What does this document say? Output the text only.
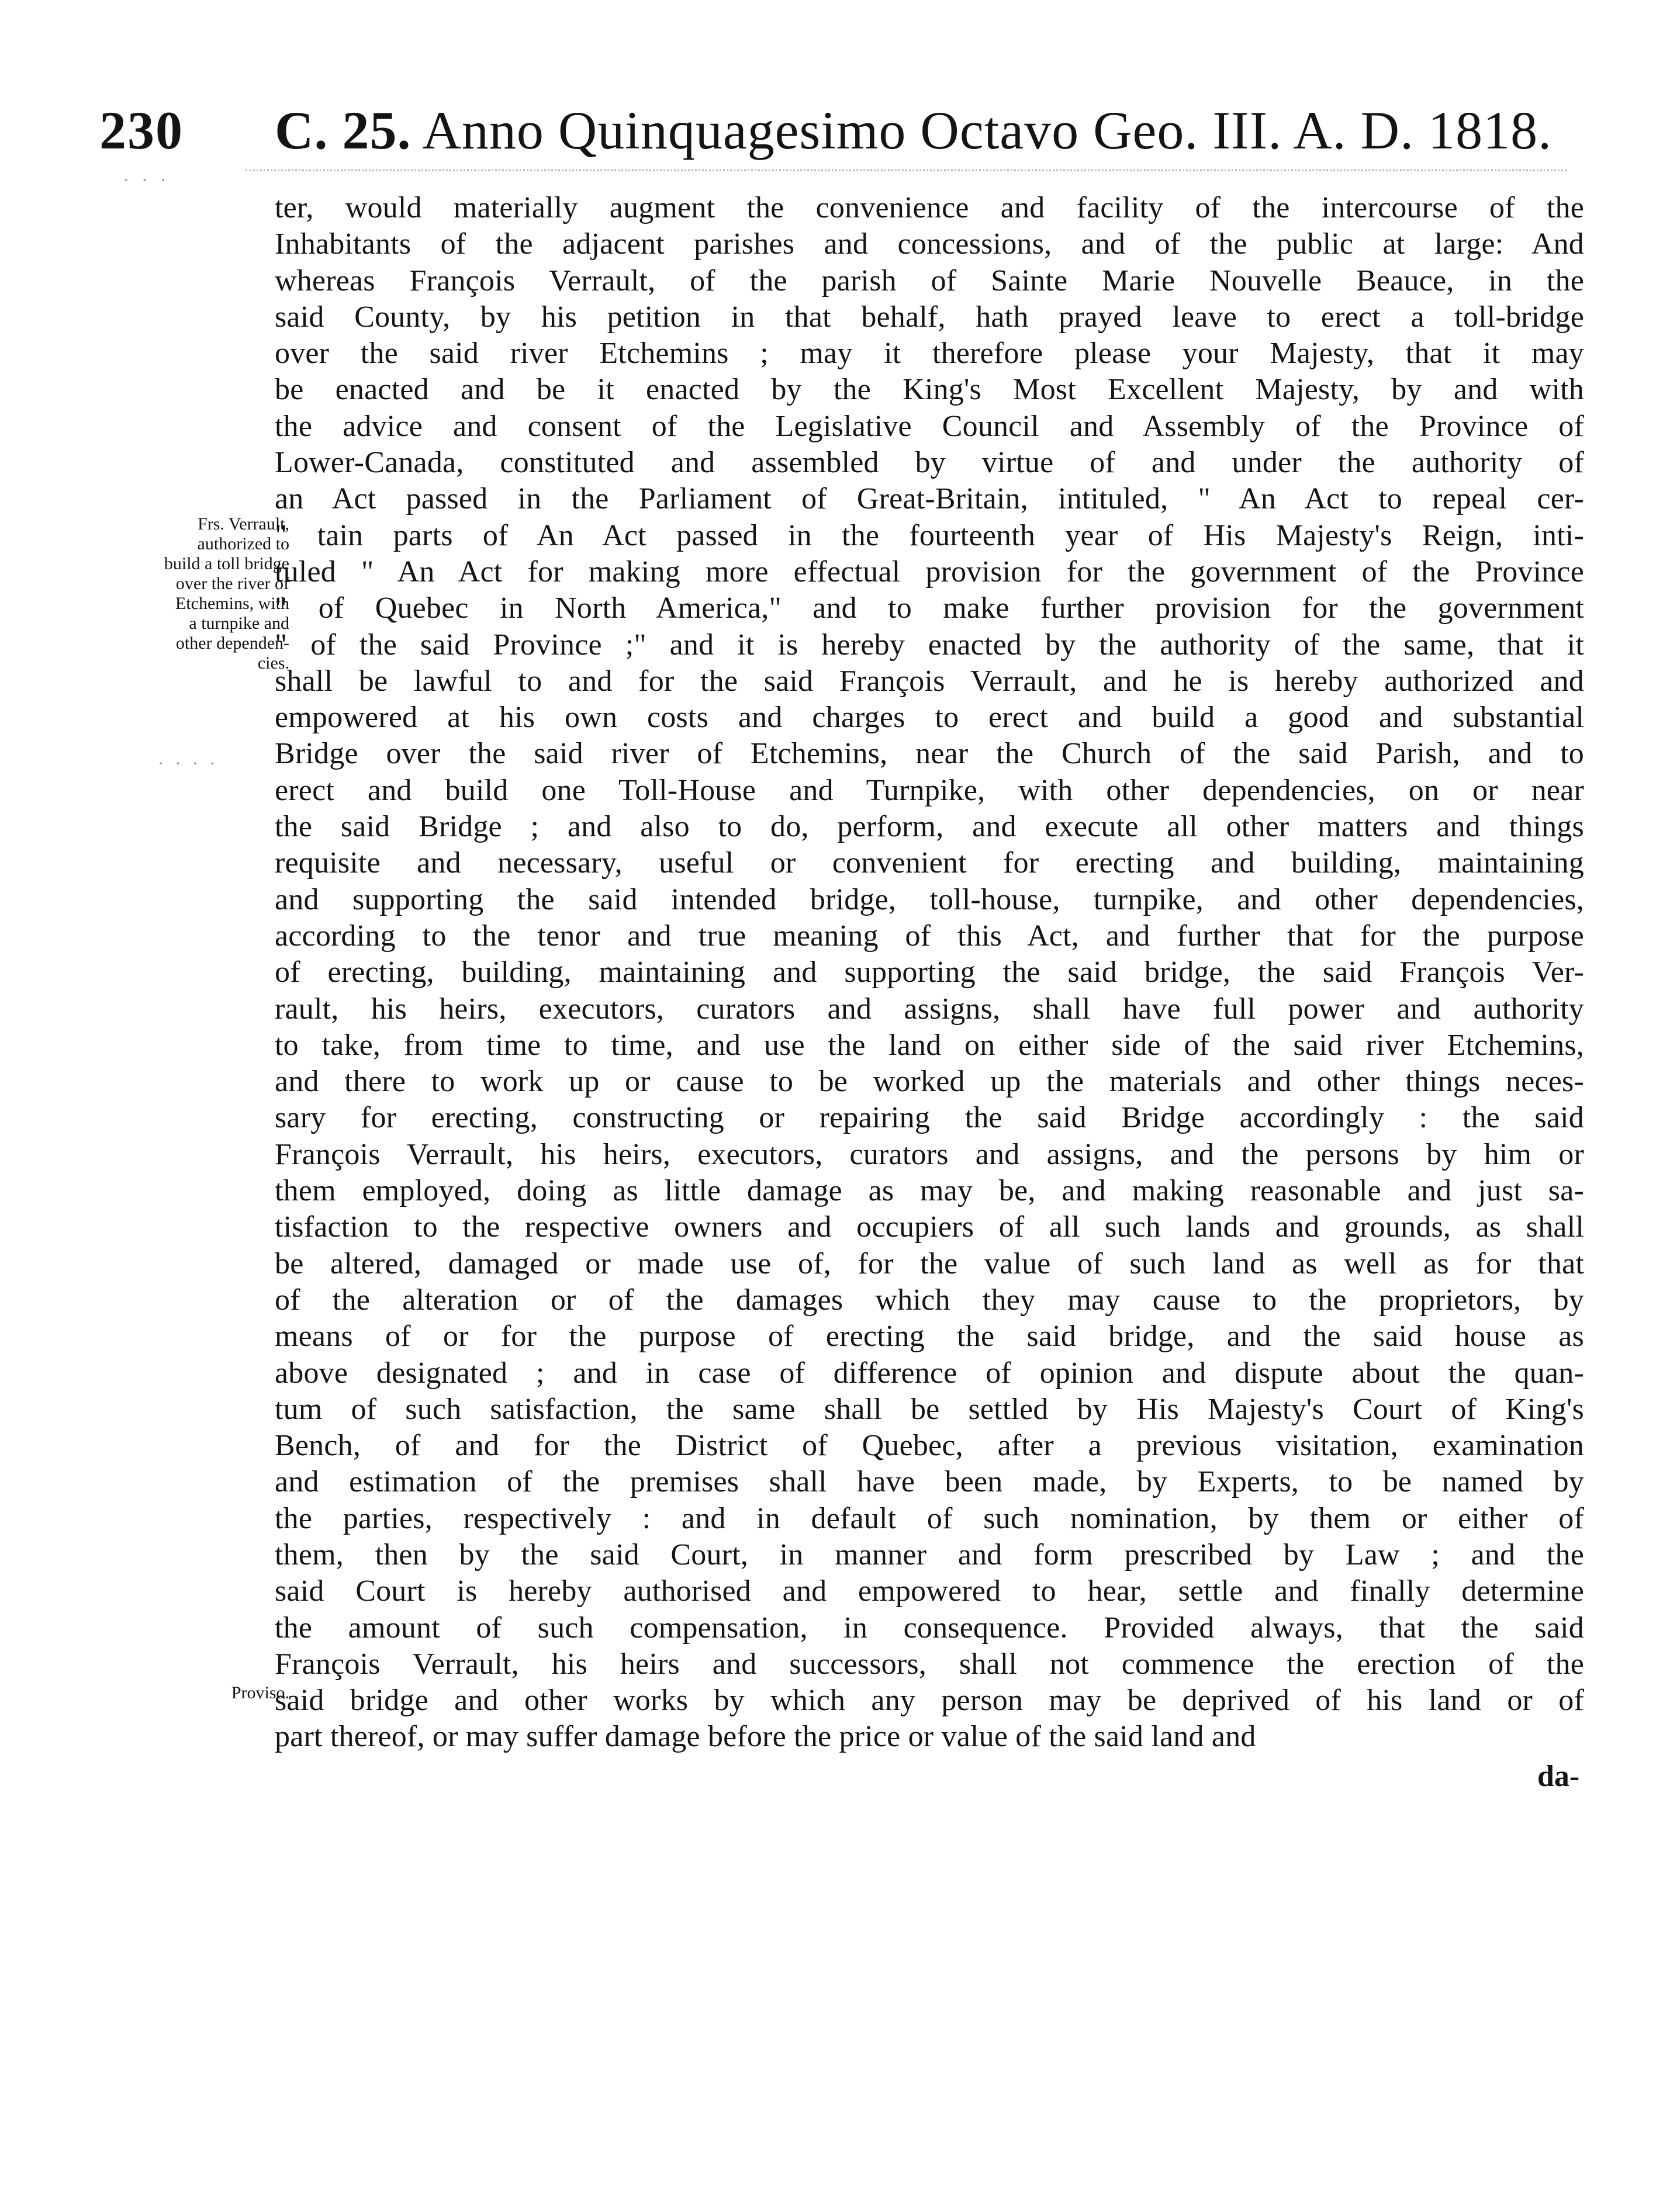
230 C. 25. Anno Quinquagesimo Octavo Geo. III. A. D. 1818.
· · ·
Frs. Verrault,
authorized to
build a toll bridge
over the river of
Etchemins, with
a turnpike and
other dependen-
cies.
· · · ·
Proviso.
ter, would materially augment the convenience and facility of the intercourse of the
Inhabitants of the adjacent parishes and concessions, and of the public at large: And
whereas François Verrault, of the parish of Sainte Marie Nouvelle Beauce, in the
said County, by his petition in that behalf, hath prayed leave to erect a toll-bridge
over the said river Etchemins ; may it therefore please your Majesty, that it may
be enacted and be it enacted by the King's Most Excellent Majesty, by and with
the advice and consent of the Legislative Council and Assembly of the Province of
Lower-Canada, constituted and assembled by virtue of and under the authority of
an Act passed in the Parliament of Great-Britain, intituled, " An Act to repeal cer-
" tain parts of An Act passed in the fourteenth year of His Majesty's Reign, inti-
tuled " An Act for making more effectual provision for the government of the Province
" of Quebec in North America," and to make further provision for the government
" of the said Province ;" and it is hereby enacted by the authority of the same, that it
shall be lawful to and for the said François Verrault, and he is hereby authorized and
empowered at his own costs and charges to erect and build a good and substantial
Bridge over the said river of Etchemins, near the Church of the said Parish, and to
erect and build one Toll-House and Turnpike, with other dependencies, on or near
the said Bridge ; and also to do, perform, and execute all other matters and things
requisite and necessary, useful or convenient for erecting and building, maintaining
and supporting the said intended bridge, toll-house, turnpike, and other dependencies,
according to the tenor and true meaning of this Act, and further that for the purpose
of erecting, building, maintaining and supporting the said bridge, the said François Ver-
rault, his heirs, executors, curators and assigns, shall have full power and authority
to take, from time to time, and use the land on either side of the said river Etchemins,
and there to work up or cause to be worked up the materials and other things neces-
sary for erecting, constructing or repairing the said Bridge accordingly : the said
François Verrault, his heirs, executors, curators and assigns, and the persons by him or
them employed, doing as little damage as may be, and making reasonable and just sa-
tisfaction to the respective owners and occupiers of all such lands and grounds, as shall
be altered, damaged or made use of, for the value of such land as well as for that
of the alteration or of the damages which they may cause to the proprietors, by
means of or for the purpose of erecting the said bridge, and the said house as
above designated ; and in case of difference of opinion and dispute about the quan-
tum of such satisfaction, the same shall be settled by His Majesty's Court of King's
Bench, of and for the District of Quebec, after a previous visitation, examination
and estimation of the premises shall have been made, by Experts, to be named by
the parties, respectively : and in default of such nomination, by them or either of
them, then by the said Court, in manner and form prescribed by Law ; and the
said Court is hereby authorised and empowered to hear, settle and finally determine
the amount of such compensation, in consequence. Provided always, that the said
François Verrault, his heirs and successors, shall not commence the erection of the
said bridge and other works by which any person may be deprived of his land or of
part thereof, or may suffer damage before the price or value of the said land and
da-
